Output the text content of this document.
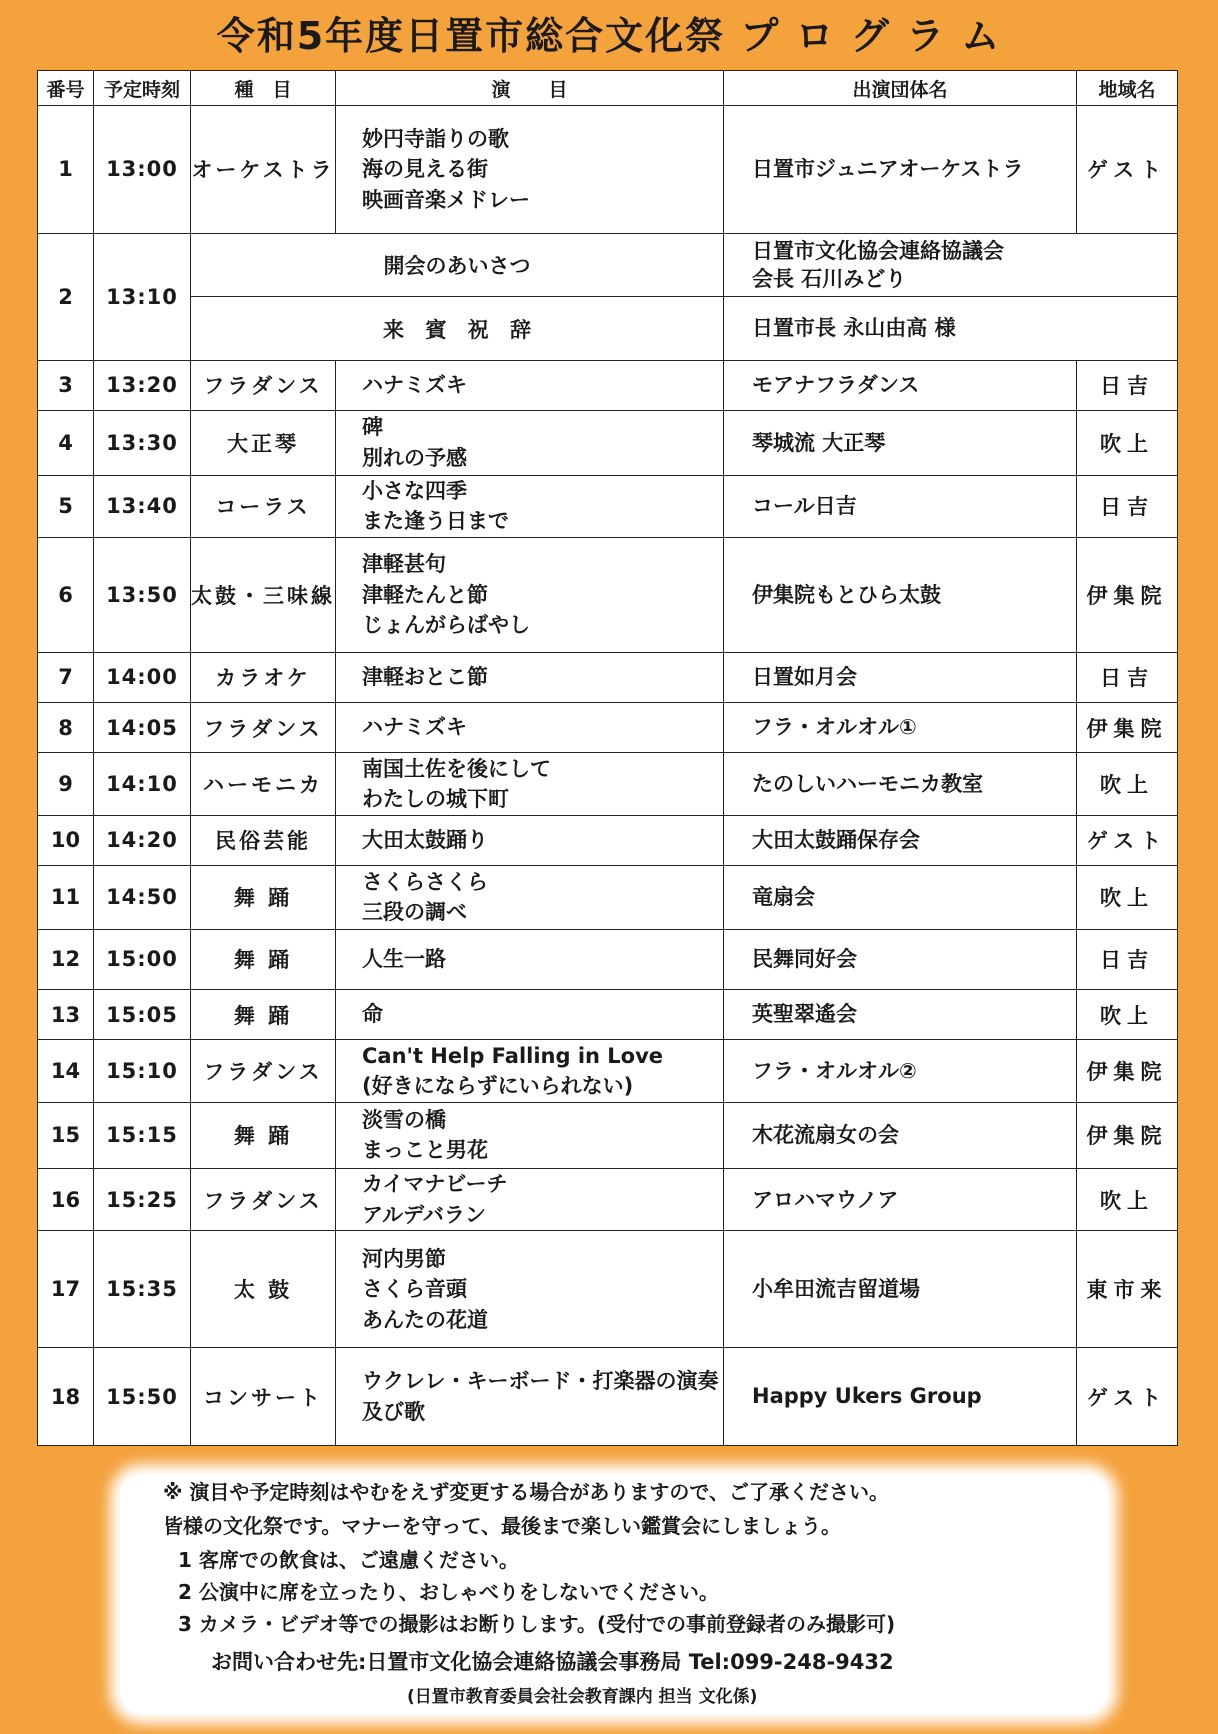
令和5年度日置市総合文化祭 プ ロ グ ラ ム
番号	予定時刻	種　目	演　　目	出演団体名	地域名
1	13:00	オーケストラ	妙円寺詣りの歌
海の見える街
映画音楽メドレー	日置市ジュニアオーケストラ	ゲスト
2	13:10	開会のあいさつ		日置市文化協会連絡協議会
会長 石川みどり	

		来 賓 祝 辞		日置市長 永山由高 様	

3	13:20	フラダンス	ハナミズキ	モアナフラダンス	日吉
4	13:30	大正琴	碑
別れの予感	琴城流 大正琴	吹上
5	13:40	コーラス	小さな四季
また逢う日まで	コール日吉	日吉
6	13:50	太鼓・三味線	津軽甚句
津軽たんと節
じょんがらばやし	伊集院もとひら太鼓	伊集院
7	14:00	カラオケ	津軽おとこ節	日置如月会	日吉
8	14:05	フラダンス	ハナミズキ	フラ・オルオル①	伊集院
9	14:10	ハーモニカ	南国土佐を後にして
わたしの城下町	たのしいハーモニカ教室	吹上
10	14:20	民俗芸能	大田太鼓踊り	大田太鼓踊保存会	ゲスト
11	14:50	舞 踊	さくらさくら
三段の調べ	竜扇会	吹上
12	15:00	舞 踊	人生一路	民舞同好会	日吉
13	15:05	舞 踊	命	英聖翠遙会	吹上
14	15:10	フラダンス	Can't Help Falling in Love
(好きにならずにいられない)	フラ・オルオル②	伊集院
15	15:15	舞 踊	淡雪の橋
まっこと男花	木花流扇女の会	伊集院
16	15:25	フラダンス	カイマナビーチ
アルデバラン	アロハマウノア	吹上
17	15:35	太 鼓	河内男節
さくら音頭
あんたの花道	小牟田流吉留道場	東市来
18	15:50	コンサート	ウクレレ・キーボード・打楽器の演奏
及び歌	Happy Ukers Group	ゲスト
※ 演目や予定時刻はやむをえず変更する場合がありますので、ご了承ください。
皆様の文化祭です。マナーを守って、最後まで楽しい鑑賞会にしましょう。
1 客席での飲食は、ご遠慮ください。
2 公演中に席を立ったり、おしゃべりをしないでください。
3 カメラ・ビデオ等での撮影はお断りします。(受付での事前登録者のみ撮影可)
お問い合わせ先:日置市文化協会連絡協議会事務局 Tel:099-248-9432
(日置市教育委員会社会教育課内 担当 文化係)
